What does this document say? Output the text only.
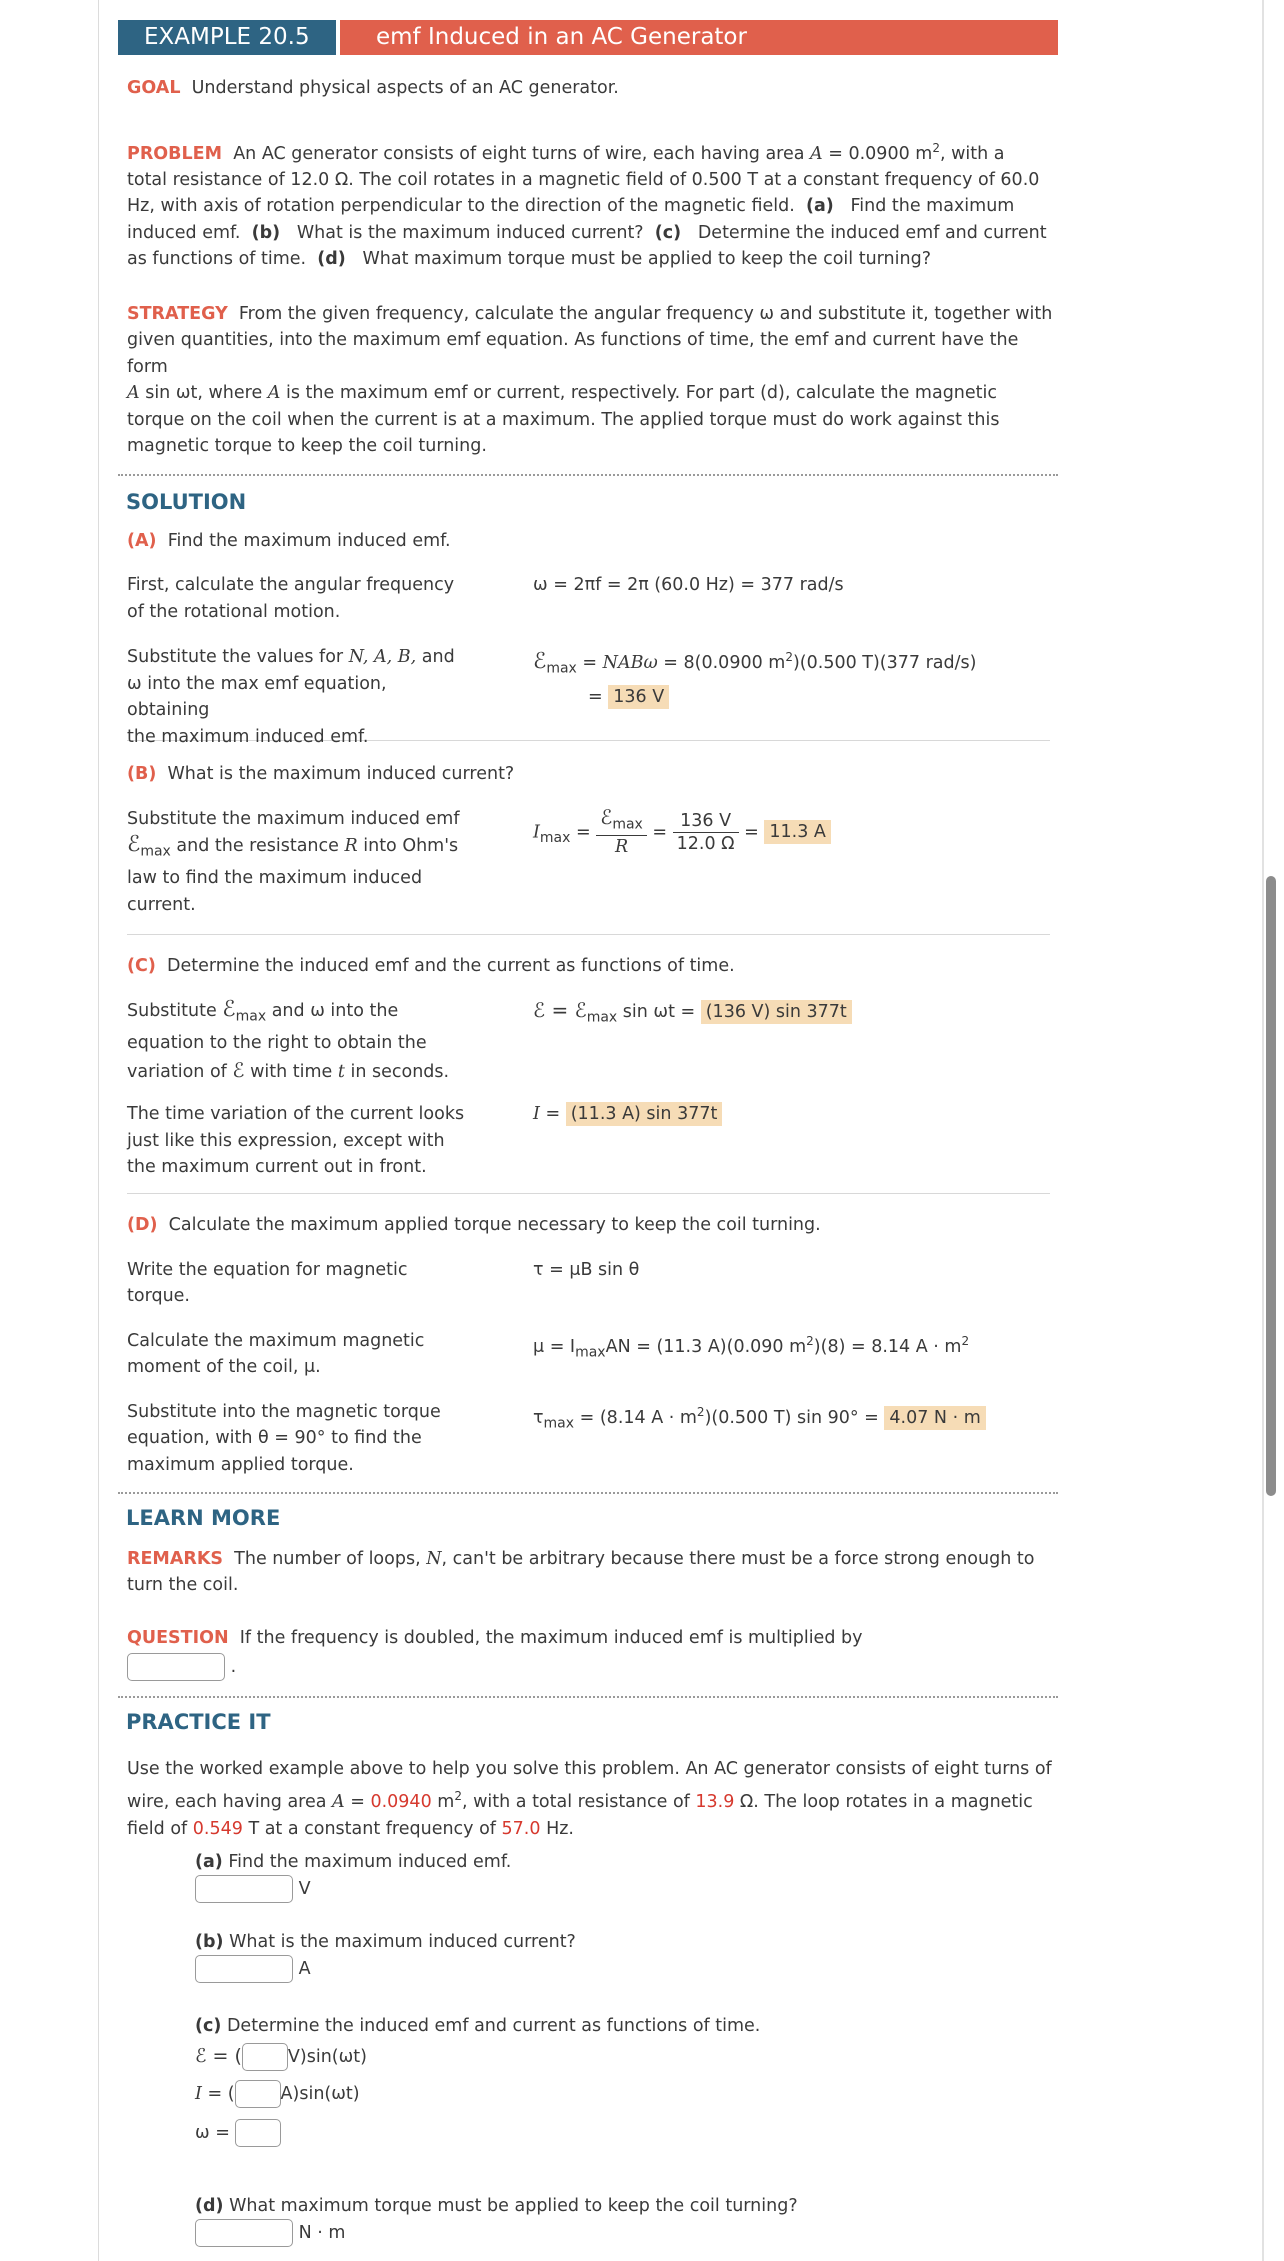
EXAMPLE 20.5	emf Induced in an AC Generator
GOAL Understand physical aspects of an AC generator.
PROBLEM An AC generator consists of eight turns of wire, each having area A = 0.0900 $m^2$, with a
total resistance of 12.0 Ω. The coil rotates in a magnetic field of 0.500 T at a constant frequency of 60.0
Hz, with axis of rotation perpendicular to the direction of the magnetic field. (a) Find the maximum
induced emf. (b) What is the maximum induced current? (c) Determine the induced emf and current
as functions of time. (d) What maximum torque must be applied to keep the coil turning?
STRATEGY From the given frequency, calculate the angular frequency ω and substitute it, together with
given quantities, into the maximum emf equation. As functions of time, the emf and current have the form
A sin ωt, where A is the maximum emf or current, respectively. For part (d), calculate the magnetic
torque on the coil when the current is at a maximum. The applied torque must do work against this
magnetic torque to keep the coil turning.
SOLUTION
(A) Find the maximum induced emf.
First, calculate the angular frequency
of the rotational motion.
ω = 2πf = 2π (60.0 Hz) = 377 rad/s
Substitute the values for N, A, B, and
ω into the max emf equation, obtaining
the maximum induced emf.
ℰ$_{max}$ = NABω = 8(0.0900 $m^2)(0.500$ T)(377 rad/s)
= 136 V
(B) What is the maximum induced current?
Substitute the maximum induced emf
ℰ$_{max}$ and the resistance R into Ohm's
law to find the maximum induced
current.
$I_{max} = \frac{ℰ_{max}}{R} = \frac{136 V}{12.0 \Omega} = 11.3$ A
(C) Determine the induced emf and the current as functions of time.
Substitute ℰ$_{max}$ and ω into the
equation to the right to obtain the
variation of ℰ with time t in seconds.
ℰ = ℰ$_{max}$ sin ωt = (136 V) sin 377t
The time variation of the current looks
just like this expression, except with
the maximum current out in front.
I = (11.3 A) sin 377t
(D) Calculate the maximum applied torque necessary to keep the coil turning.
Write the equation for magnetic
torque.
τ = μB sin θ
Calculate the maximum magnetic
moment of the coil, μ.
$\mu = I_{max}AN = (11.3$ A)(0.090 $m^2)(8) = 8.14$ $A \cdot m^2$
Substitute into the magnetic torque
equation, with θ = 90° to find the
maximum applied torque.
$\tau_{max} = (8.14$ $A \cdot m^2)(0.500$ T) sin 90° = 4.07 N · m
LEARN MORE
REMARKS The number of loops, N, can't be arbitrary because there must be a force strong enough to
turn the coil.
QUESTION If the frequency is doubled, the maximum induced emf is multiplied by
.
PRACTICE IT
Use the worked example above to help you solve this problem. An AC generator consists of eight turns of
wire, each having area A = 0.0940 $m^2$, with a total resistance of 13.9 Ω. The loop rotates in a magnetic
field of 0.549 T at a constant frequency of 57.0 Hz.
(a) Find the maximum induced emf.
V
(b) What is the maximum induced current?
A
(c) Determine the induced emf and current as functions of time.
ℰ = (	V)sin(ωt)
I = (	A)sin(ωt)
ω =
(d) What maximum torque must be applied to keep the coil turning?
N · m
